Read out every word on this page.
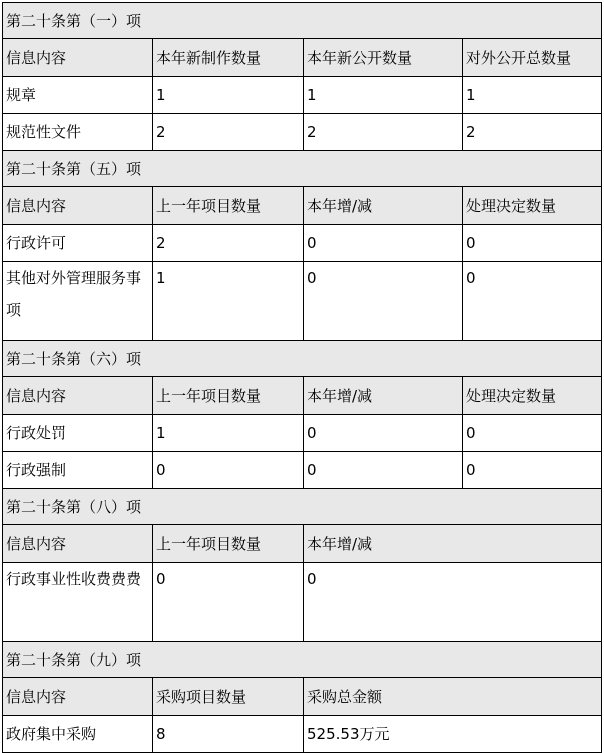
第二十条第（一）项			
信息内容	本年新制作数量	本年新公开数量	对外公开总数量
规章	1	1	1
规范性文件	2	2	2
第二十条第（五）项			
信息内容	上一年项目数量	本年增/减	处理决定数量
行政许可	2	0	0
其他对外管理服务事项	1	0	0
第二十条第（六）项			
信息内容	上一年项目数量	本年增/减	处理决定数量
行政处罚	1	0	0
行政强制	0	0	0
第二十条第（八）项			
信息内容	上一年项目数量	本年增/减	
行政事业性收费费费	0	0	
第二十条第（九）项			
信息内容	采购项目数量	采购总金额	
政府集中采购	8	525.53万元	
